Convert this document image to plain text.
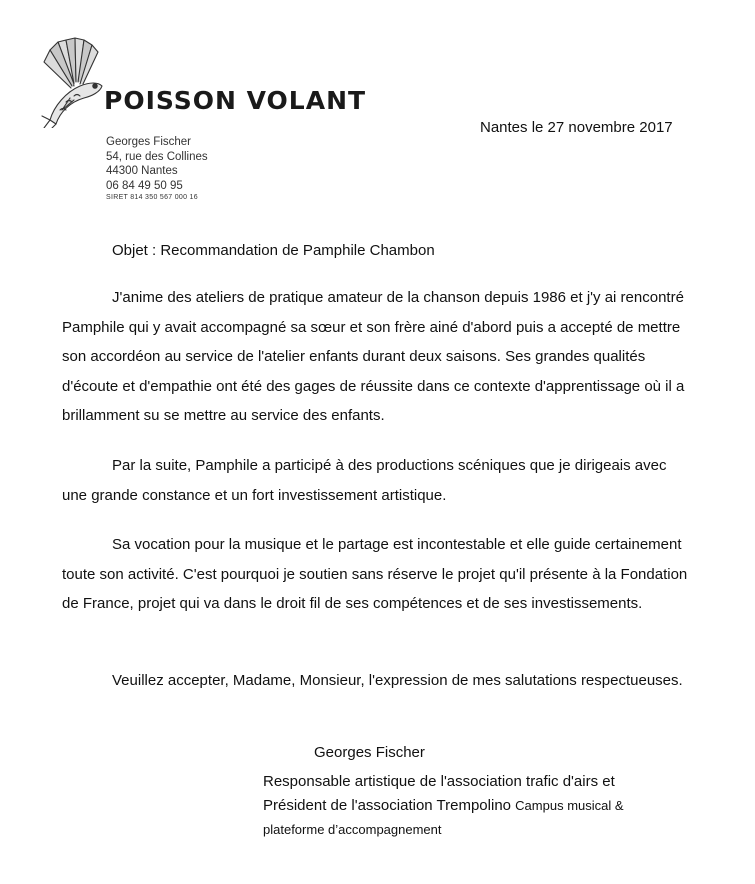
POISSON VOLANT
Georges Fischer
54, rue des Collines
44300 Nantes
06 84 49 50 95
SIRET 814 350 567 000 16
Nantes le 27 novembre 2017
Objet : Recommandation de Pamphile Chambon

J'anime des ateliers de pratique amateur de la chanson depuis 1986 et j'y ai rencontré Pamphile qui y avait accompagné sa sœur et son frère ainé d'abord puis a accepté de mettre son accordéon au service de l'atelier enfants durant deux saisons. Ses grandes qualités d'écoute et d'empathie ont été des gages de réussite dans ce contexte d'apprentissage où il a brillamment su se mettre au service des enfants.

Par la suite, Pamphile a participé à des productions scéniques que je dirigeais avec une grande constance et un fort investissement artistique.

Sa vocation pour la musique et le partage est incontestable et elle guide certainement toute son activité. C'est pourquoi je soutien sans réserve le projet qu'il présente à la Fondation de France, projet qui va dans le droit fil de ses compétences et de ses investissements.

Veuillez accepter, Madame, Monsieur, l'expression de mes salutations respectueuses.

Georges Fischer
Responsable artistique de l'association trafic d'airs et
Président de l'association Trempolino Campus musical &
plateforme d’accompagnement
